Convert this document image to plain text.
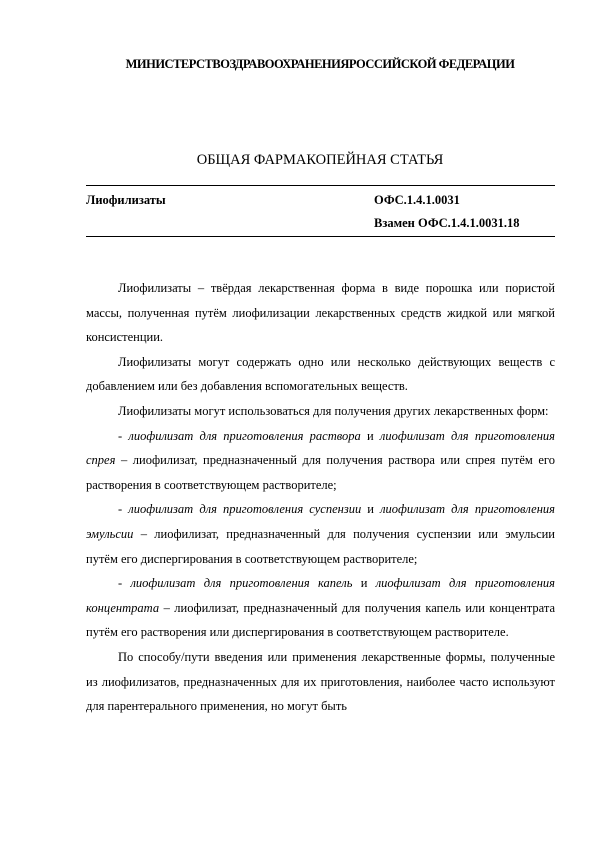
МИНИСТЕРСТВОЗДРАВООХРАНЕНИЯРОССИЙСКОЙ ФЕДЕРАЦИИ
ОБЩАЯ ФАРМАКОПЕЙНАЯ СТАТЬЯ
Лиофилизаты	ОФС.1.4.1.0031
Взамен ОФС.1.4.1.0031.18

Лиофилизаты – твёрдая лекарственная форма в виде порошка или пористой массы, полученная путём лиофилизации лекарственных средств жидкой или мягкой консистенции.

Лиофилизаты могут содержать одно или несколько действующих веществ с добавлением или без добавления вспомогательных веществ.

Лиофилизаты могут использоваться для получения других лекарственных форм:

- лиофилизат для приготовления раствора и лиофилизат для приготовления спрея – лиофилизат, предназначенный для получения раствора или спрея путём его растворения в соответствующем растворителе;

- лиофилизат для приготовления суспензии и лиофилизат для приготовления эмульсии – лиофилизат, предназначенный для получения суспензии или эмульсии путём его диспергирования в соответствующем растворителе;

- лиофилизат для приготовления капель и лиофилизат для приготовления концентрата – лиофилизат, предназначенный для получения капель или концентрата путём его растворения или диспергирования в соответствующем растворителе.

По способу/пути введения или применения лекарственные формы, полученные из лиофилизатов, предназначенных для их приготовления, наиболее часто используют для парентерального применения, но могут быть
